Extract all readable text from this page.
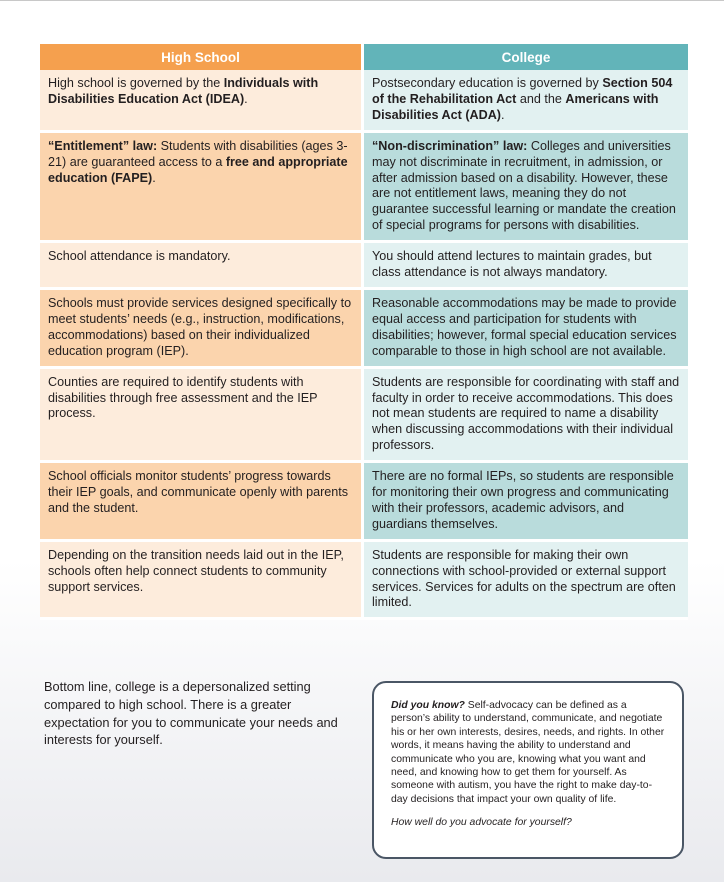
High School	College
High school is governed by the Individuals with Disabilities Education Act (IDEA).	Postsecondary education is governed by Section 504 of the Rehabilitation Act and the Americans with Disabilities Act (ADA).
“Entitlement” law: Students with disabilities (ages 3-21) are guaranteed access to a free and appropriate education (FAPE).	“Non-discrimination” law: Colleges and universities may not discriminate in recruitment, in admission, or after admission based on a disability. However, these are not entitlement laws, meaning they do not guarantee successful learning or mandate the creation of special programs for persons with disabilities.
School attendance is mandatory.	You should attend lectures to maintain grades, but class attendance is not always mandatory.
Schools must provide services designed specifically to meet students’ needs (e.g., instruction, modifications, accommodations) based on their individualized education program (IEP).	Reasonable accommodations may be made to provide equal access and participation for students with disabilities; however, formal special education services comparable to those in high school are not available.
Counties are required to identify students with disabilities through free assessment and the IEP process.	Students are responsible for coordinating with staff and faculty in order to receive accommodations. This does not mean students are required to name a disability when discussing accommodations with their individual professors.
School officials monitor students’ progress towards their IEP goals, and communicate openly with parents and the student.	There are no formal IEPs, so students are responsible for monitoring their own progress and communicating with their professors, academic advisors, and guardians themselves.
Depending on the transition needs laid out in the IEP, schools often help connect students to community support services.	Students are responsible for making their own connections with school-provided or external support services. Services for adults on the spectrum are often limited.
Bottom line, college is a depersonalized setting compared to high school. There is a greater expectation for you to communicate your needs and interests for yourself.

Did you know? Self-advocacy can be defined as a person’s ability to understand, communicate, and negotiate his or her own interests, desires, needs, and rights. In other words, it means having the ability to understand and communicate who you are, knowing what you want and need, and knowing how to get them for yourself. As someone with autism, you have the right to make day-to-day decisions that impact your own quality of life.

How well do you advocate for yourself?
